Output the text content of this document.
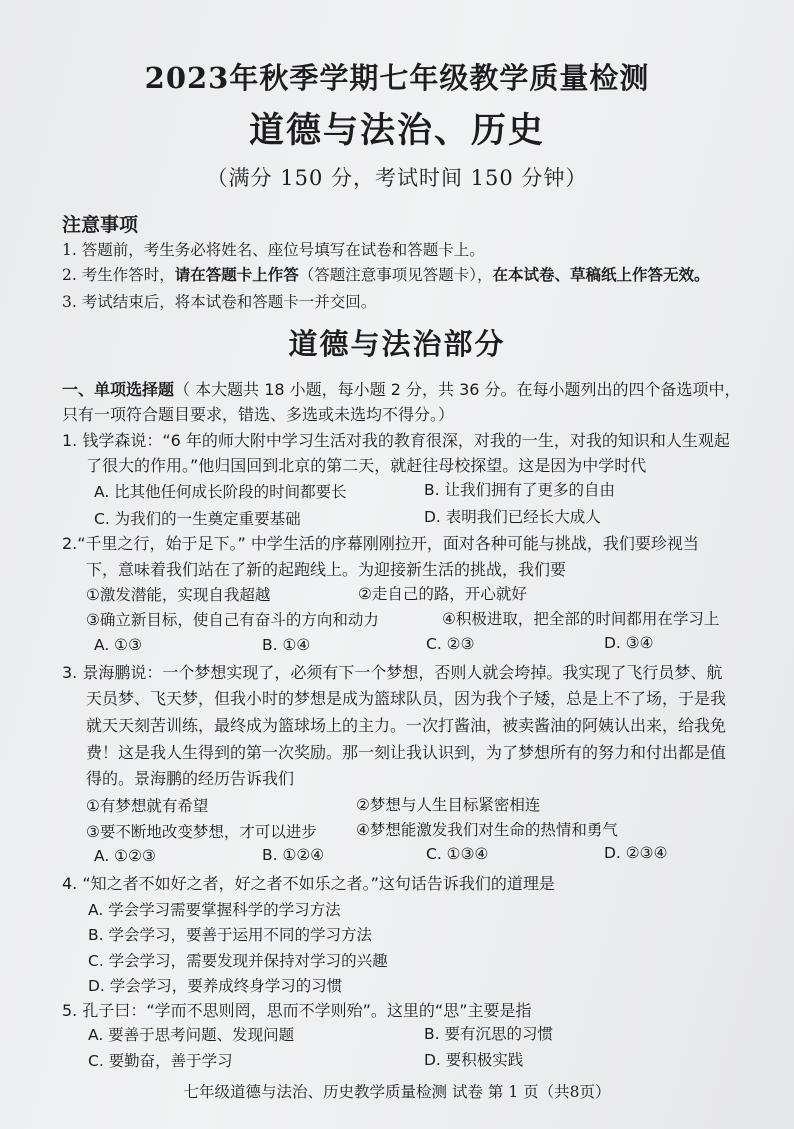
2023年秋季学期七年级教学质量检测
道德与法治、历史
（满分 150 分，考试时间 150 分钟）
注意事项
1. 答题前，考生务必将姓名、座位号填写在试卷和答题卡上。
2. 考生作答时，请在答题卡上作答（答题注意事项见答题卡），在本试卷、草稿纸上作答无效。
3. 考试结束后，将本试卷和答题卡一并交回。
道德与法治部分
一、单项选择题（ 本大题共 18 小题，每小题 2 分，共 36 分。在每小题列出的四个备选项中，
只有一项符合题目要求，错选、多选或未选均不得分。）
1. 钱学森说：“6 年的师大附中学习生活对我的教育很深，对我的一生，对我的知识和人生观起
了很大的作用。”他归国回到北京的第二天，就赶往母校探望。这是因为中学时代
A. 比其他任何成长阶段的时间都要长	B. 让我们拥有了更多的自由
C. 为我们的一生奠定重要基础	D. 表明我们已经长大成人
2.“千里之行，始于足下。” 中学生活的序幕刚刚拉开，面对各种可能与挑战，我们要珍视当
下，意味着我们站在了新的起跑线上。为迎接新生活的挑战，我们要
①激发潜能，实现自我超越	②走自己的路，开心就好
③确立新目标，使自己有奋斗的方向和动力	④积极进取，把全部的时间都用在学习上
A. ①③	B. ①④	C. ②③	D. ③④
3. 景海鹏说：一个梦想实现了，必须有下一个梦想，否则人就会垮掉。我实现了飞行员梦、航
天员梦、飞天梦，但我小时的梦想是成为篮球队员，因为我个子矮，总是上不了场，于是我
就天天刻苦训练，最终成为篮球场上的主力。一次打酱油，被卖酱油的阿姨认出来，给我免
费！这是我人生得到的第一次奖励。那一刻让我认识到，为了梦想所有的努力和付出都是值
得的。景海鹏的经历告诉我们
①有梦想就有希望	②梦想与人生目标紧密相连
③要不断地改变梦想，才可以进步	④梦想能激发我们对生命的热情和勇气
A. ①②③	B. ①②④	C. ①③④	D. ②③④
4. “知之者不如好之者，好之者不如乐之者。”这句话告诉我们的道理是
A. 学会学习需要掌握科学的学习方法
B. 学会学习，要善于运用不同的学习方法
C. 学会学习，需要发现并保持对学习的兴趣
D. 学会学习，要养成终身学习的习惯
5. 孔子曰：“学而不思则罔，思而不学则殆”。这里的“思”主要是指
A. 要善于思考问题、发现问题	B. 要有沉思的习惯
C. 要勤奋，善于学习	D. 要积极实践
七年级道德与法治、历史教学质量检测 试卷 第 1 页（共8页）
